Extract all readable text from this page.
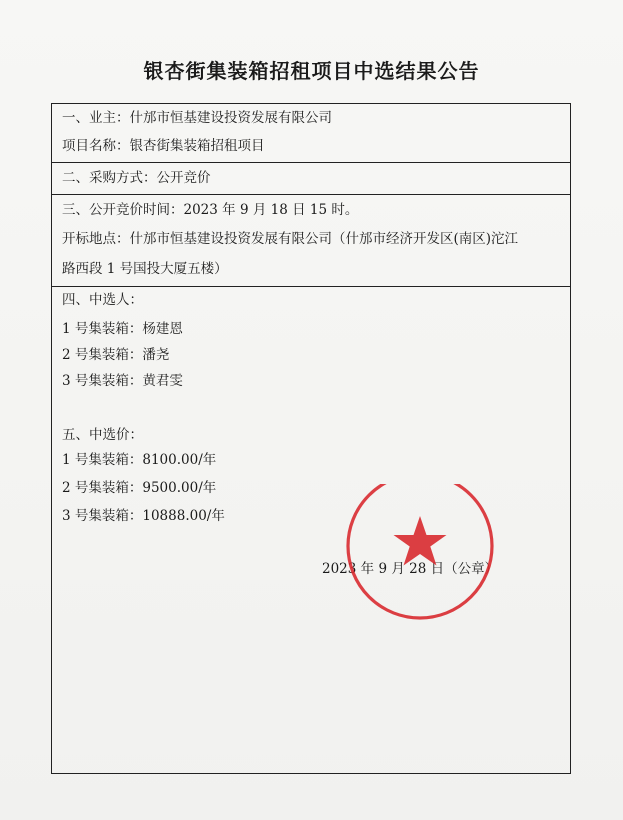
银杏街集装箱招租项目中选结果公告
一、业主：什邡市恒基建设投资发展有限公司
项目名称：银杏街集装箱招租项目
二、采购方式：公开竞价
三、公开竞价时间：2023 年 9 月 18 日 15 时。
开标地点：什邡市恒基建设投资发展有限公司（什邡市经济开发区(南区)沱江
路西段 1 号国投大厦五楼）
四、中选人：
1 号集装箱：杨建恩
2 号集装箱：潘尧
3 号集装箱：黄君雯
五、中选价：
1 号集装箱：8100.00/年
2 号集装箱：9500.00/年
3 号集装箱：10888.00/年
2023 年 9 月 28 日（公章）
